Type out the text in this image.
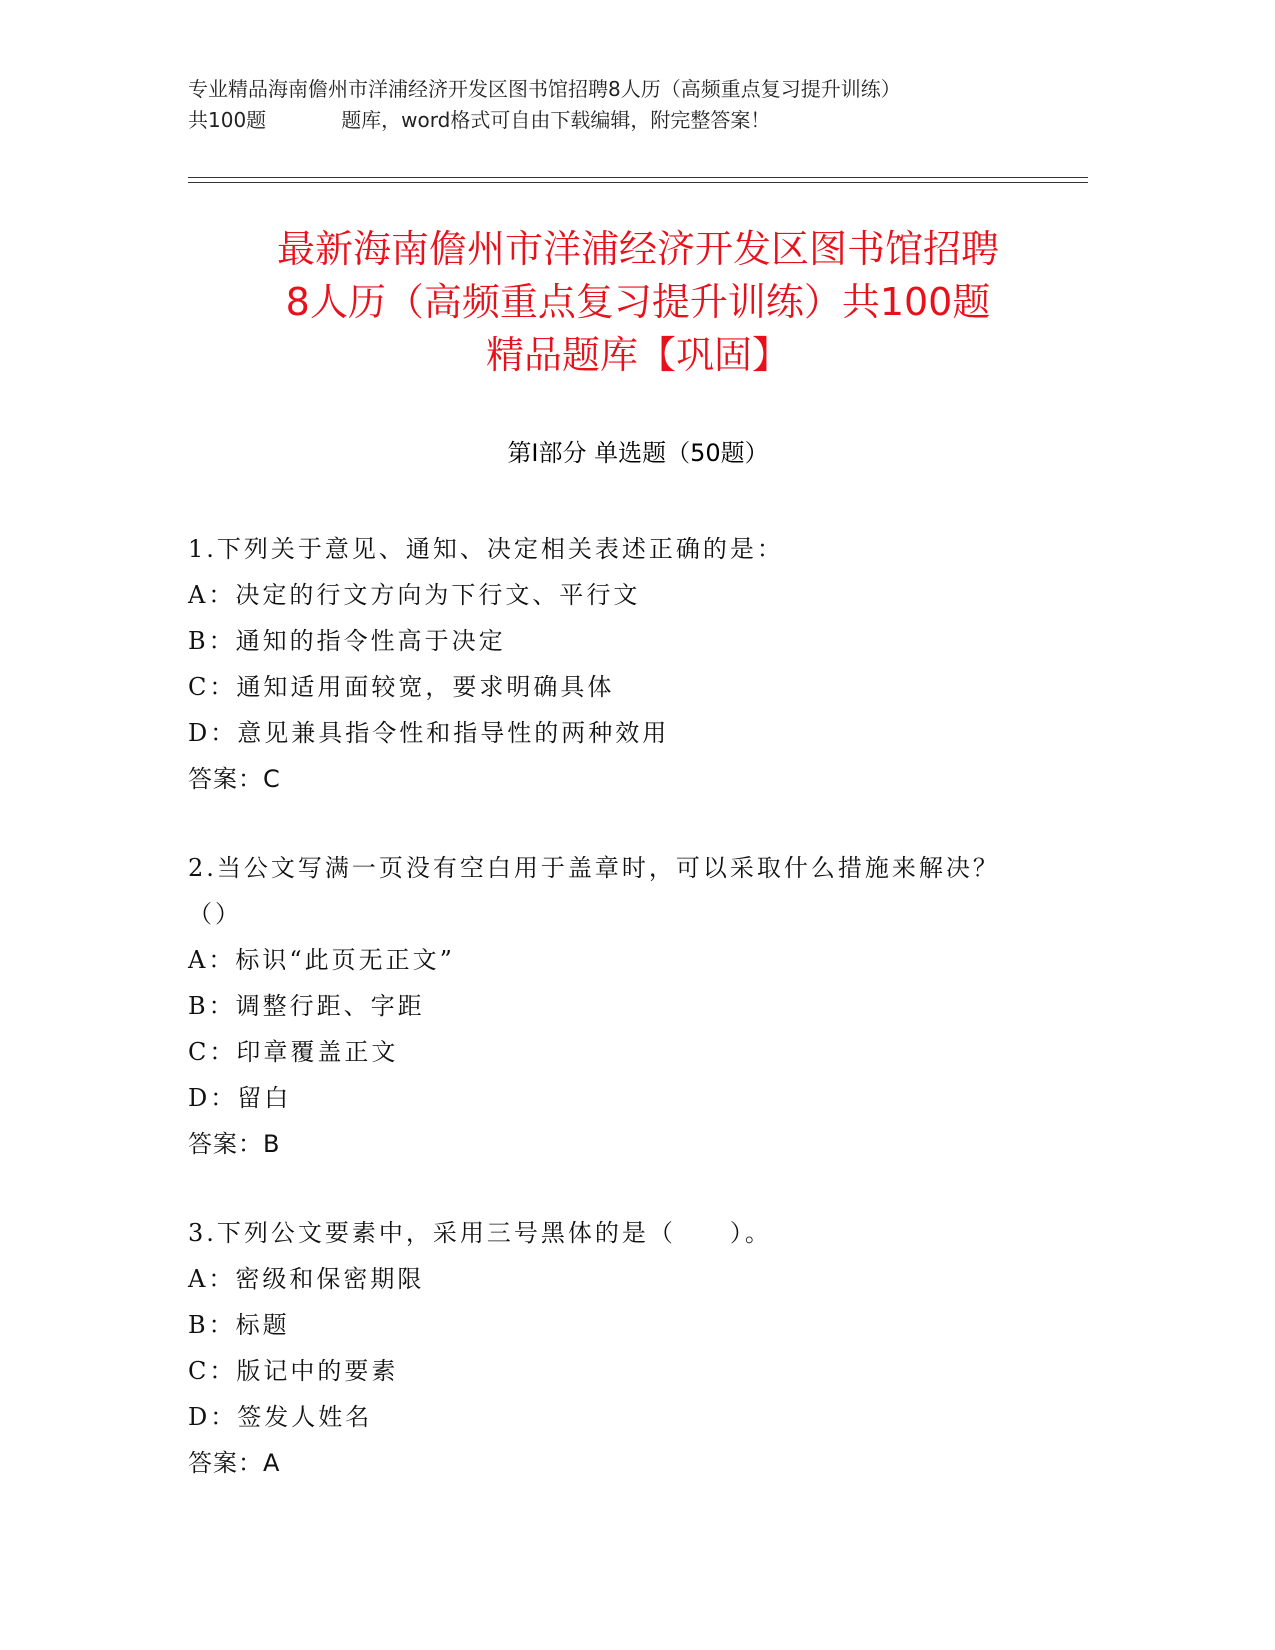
专业精品海南儋州市洋浦经济开发区图书馆招聘8人历（高频重点复习提升训练）
共100题	题库，word格式可自由下载编辑，附完整答案！
最新海南儋州市洋浦经济开发区图书馆招聘
8人历（高频重点复习提升训练）共100题
精品题库【巩固】
第Ⅰ部分 单选题（50题）
1.下列关于意见、通知、决定相关表述正确的是：
A：决定的行文方向为下行文、平行文
B：通知的指令性高于决定
C：通知适用面较宽，要求明确具体
D：意见兼具指令性和指导性的两种效用
答案：C
2.当公文写满一页没有空白用于盖章时，可以采取什么措施来解决？
（）
A：标识“此页无正文”
B：调整行距、字距
C：印章覆盖正文
D：留白
答案：B
3.下列公文要素中，采用三号黑体的是（　　）。
A：密级和保密期限
B：标题
C：版记中的要素
D：签发人姓名
答案：A
